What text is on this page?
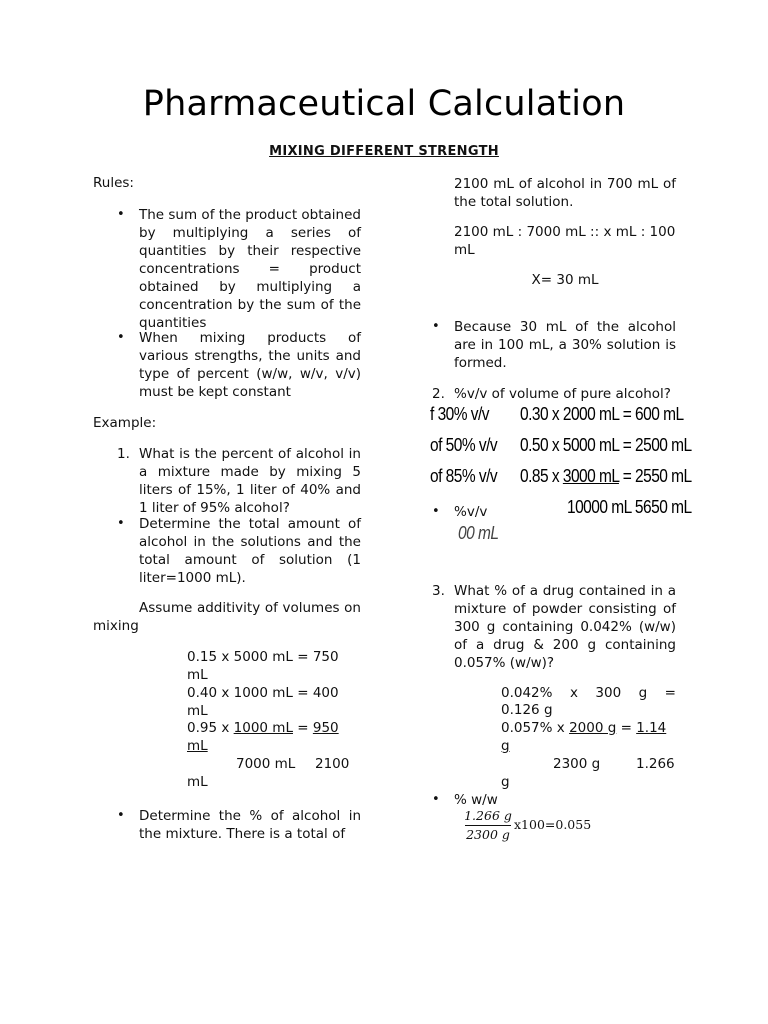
Pharmaceutical Calculation
MIXING DIFFERENT STRENGTH
Rules:
• The sum of the product obtained by multiplying a series of quantities by their respective concentrations = product obtained by multiplying a concentration by the sum of the quantities
• When mixing products of various strengths, the units and type of percent (w/w, w/v, v/v) must be kept constant
Example:
1. What is the percent of alcohol in a mixture made by mixing 5 liters of 15%, 1 liter of 40% and 1 liter of 95% alcohol?
• Determine the total amount of alcohol in the solutions and the total amount of solution (1 liter=1000 mL).
Assume additivity of volumes on mixing
0.15 x 5000 mL = 750
mL
0.40 x 1000 mL = 400
mL
0.95 x 1000 mL = 950
mL
7000 mL 2100
mL
• Determine the % of alcohol in the mixture. There is a total of
2100 mL of alcohol in 700 mL of the total solution.
2100 mL : 7000 mL :: x mL : 100 mL
X= 30 mL
• Because 30 mL of the alcohol are in 100 mL, a 30% solution is formed.
2. %v/v of volume of pure alcohol?
f 30% v/v 0.30 x 2000 mL = 600 mL
of 50% v/v 0.50 x 5000 mL = 2500 mL
of 85% v/v 0.85 x 3000 mL = 2550 mL
10000 mL 5650 mL
00 mL
• %v/v
3. What % of a drug contained in a mixture of powder consisting of 300 g containing 0.042% (w/w) of a drug & 200 g containing 0.057% (w/w)?
0.042% x 300 g =
0.126 g
0.057% x 2000 g = 1.14
g
2300 g	1.266
g
• % w/w
1.266 g
2300 g
x100=0.055
